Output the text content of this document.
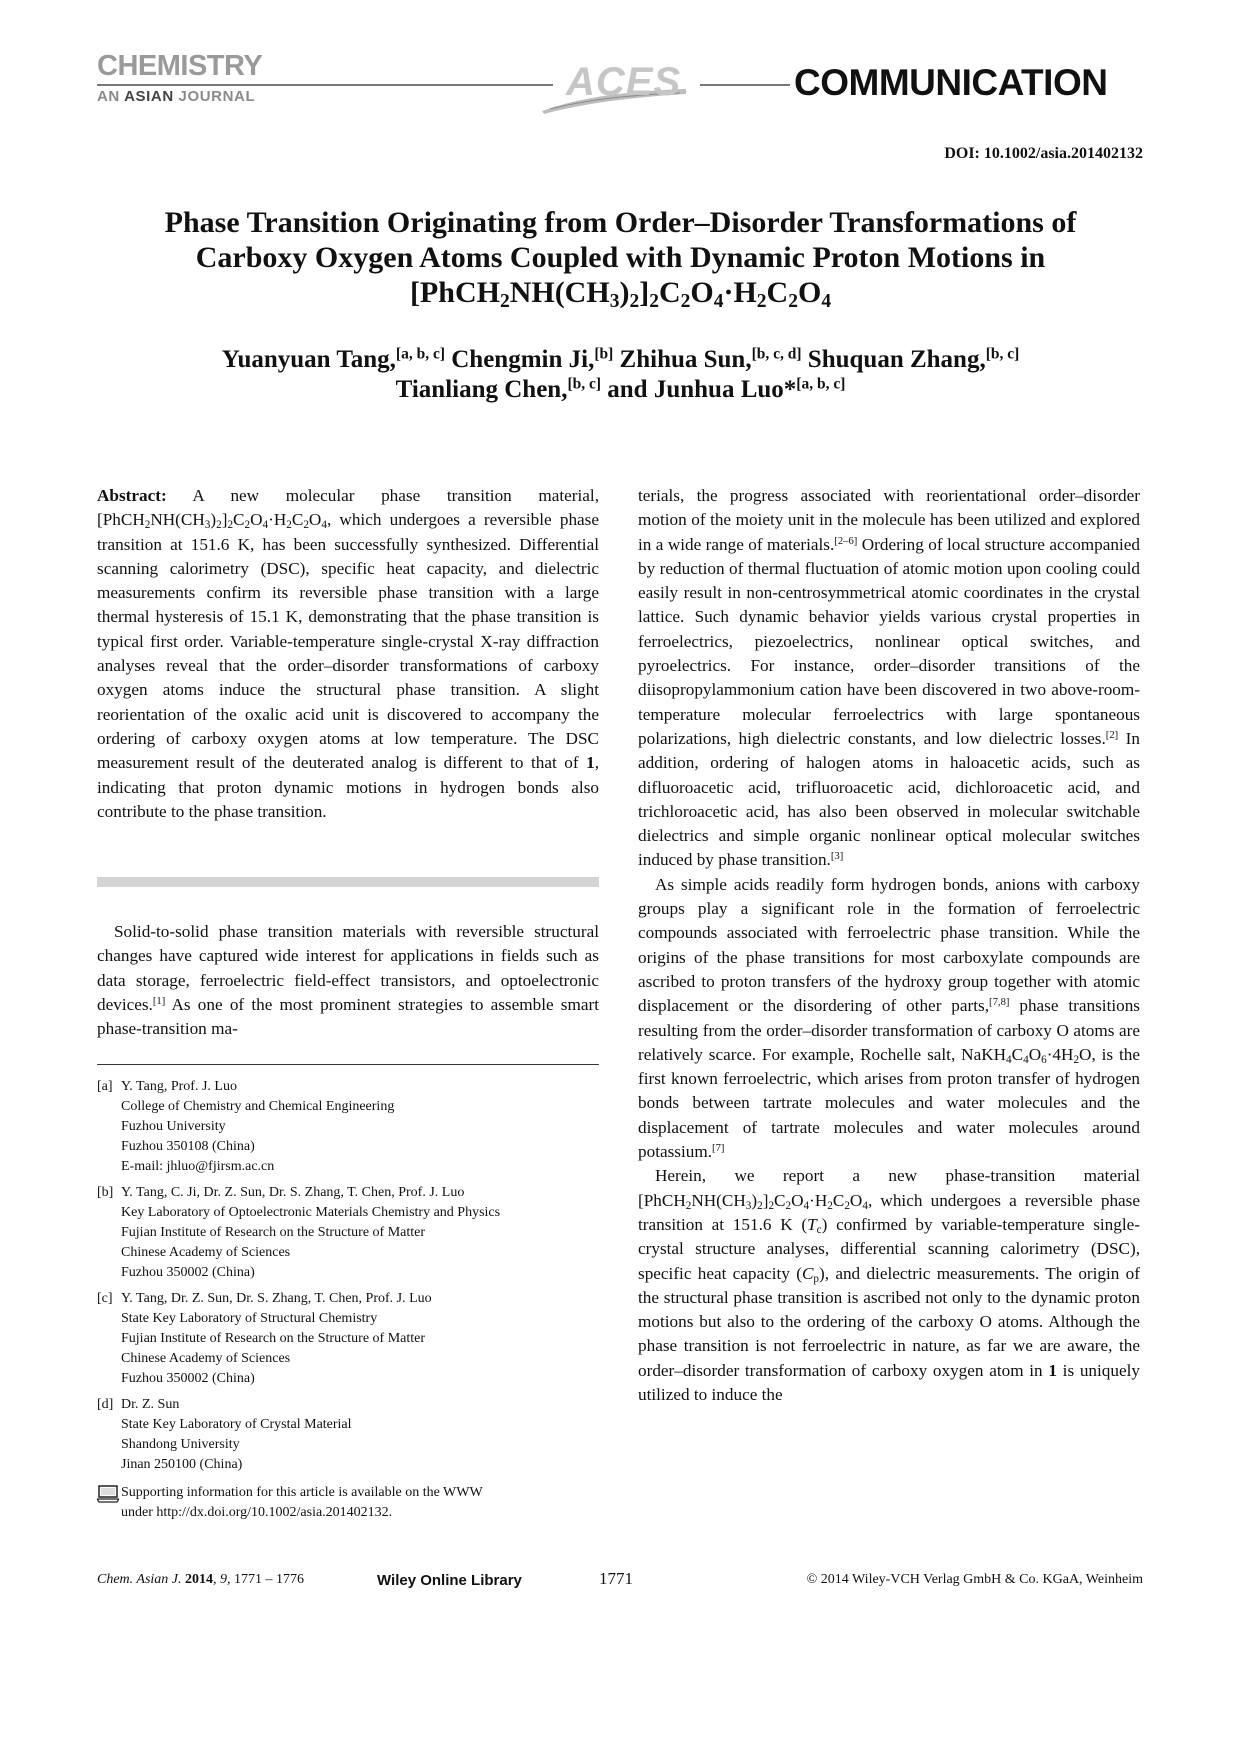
CHEMISTRY
AN ASIAN JOURNAL	ACES	COMMUNICATION
DOI: 10.1002/asia.201402132
Phase Transition Originating from Order–Disorder Transformations of
Carboxy Oxygen Atoms Coupled with Dynamic Proton Motions in
$[PhCH_2NH(CH_3)_2]_2C_2O_4\cdot H_2C_2O_4$
Yuanyuan Tang,[a, b, c] Chengmin Ji,[b] Zhihua Sun,[b, c, d] Shuquan Zhang,[b, c]
Tianliang Chen,[b, c] and Junhua Luo*[a, b, c]

Abstract: A new molecular phase transition material, $[PhCH_2NH(CH_3)_2]_2C_2O_4\cdot H_2C_2O_4$, which undergoes a reversible phase transition at 151.6 K, has been successfully synthesized. Differential scanning calorimetry (DSC), specific heat capacity, and dielectric measurements confirm its reversible phase transition with a large thermal hysteresis of 15.1 K, demonstrating that the phase transition is typical first order. Variable-temperature single-crystal X-ray diffraction analyses reveal that the order–disorder transformations of carboxy oxygen atoms induce the structural phase transition. A slight reorientation of the oxalic acid unit is discovered to accompany the ordering of carboxy oxygen atoms at low temperature. The DSC measurement result of the deuterated analog is different to that of 1, indicating that proton dynamic motions in hydrogen bonds also contribute to the phase transition.

Solid-to-solid phase transition materials with reversible structural changes have captured wide interest for applications in fields such as data storage, ferroelectric field-effect transistors, and optoelectronic devices.[1] As one of the most prominent strategies to assemble smart phase-transition ma-

[a] Y. Tang, Prof. J. Luo
College of Chemistry and Chemical Engineering
Fuzhou University
Fuzhou 350108 (China)
E-mail: jhluo@fjirsm.ac.cn
[b] Y. Tang, C. Ji, Dr. Z. Sun, Dr. S. Zhang, T. Chen, Prof. J. Luo
Key Laboratory of Optoelectronic Materials Chemistry and Physics
Fujian Institute of Research on the Structure of Matter
Chinese Academy of Sciences
Fuzhou 350002 (China)
[c] Y. Tang, Dr. Z. Sun, Dr. S. Zhang, T. Chen, Prof. J. Luo
State Key Laboratory of Structural Chemistry
Fujian Institute of Research on the Structure of Matter
Chinese Academy of Sciences
Fuzhou 350002 (China)
[d] Dr. Z. Sun
State Key Laboratory of Crystal Material
Shandong University
Jinan 250100 (China)
Supporting information for this article is available on the WWW
under http://dx.doi.org/10.1002/asia.201402132.

terials, the progress associated with reorientational order–disorder motion of the moiety unit in the molecule has been utilized and explored in a wide range of materials.[2–6] Ordering of local structure accompanied by reduction of thermal fluctuation of atomic motion upon cooling could easily result in non-centrosymmetrical atomic coordinates in the crystal lattice. Such dynamic behavior yields various crystal properties in ferroelectrics, piezoelectrics, nonlinear optical switches, and pyroelectrics. For instance, order–disorder transitions of the diisopropylammonium cation have been discovered in two above-room-temperature molecular ferroelectrics with large spontaneous polarizations, high dielectric constants, and low dielectric losses.[2] In addition, ordering of halogen atoms in haloacetic acids, such as difluoroacetic acid, trifluoroacetic acid, dichloroacetic acid, and trichloroacetic acid, has also been observed in molecular switchable dielectrics and simple organic nonlinear optical molecular switches induced by phase transition.[3]

As simple acids readily form hydrogen bonds, anions with carboxy groups play a significant role in the formation of ferroelectric compounds associated with ferroelectric phase transition. While the origins of the phase transitions for most carboxylate compounds are ascribed to proton transfers of the hydroxy group together with atomic displacement or the disordering of other parts,[7,8] phase transitions resulting from the order–disorder transformation of carboxy O atoms are relatively scarce. For example, Rochelle salt, $NaKH_4C_4O_6\cdot 4H_2O$, is the first known ferroelectric, which arises from proton transfer of hydrogen bonds between tartrate molecules and water molecules and the displacement of tartrate molecules and water molecules around potassium.[7]

Herein, we report a new phase-transition material $[PhCH_2NH(CH_3)_2]_2C_2O_4\cdot H_2C_2O_4$, which undergoes a reversible phase transition at 151.6 K $(T_c)$ confirmed by variable-temperature single-crystal structure analyses, differential scanning calorimetry (DSC), specific heat capacity $(C_p)$, and dielectric measurements. The origin of the structural phase transition is ascribed not only to the dynamic proton motions but also to the ordering of the carboxy O atoms. Although the phase transition is not ferroelectric in nature, as far we are aware, the order–disorder transformation of carboxy oxygen atom in 1 is uniquely utilized to induce the

Chem. Asian J. 2014, 9, 1771 – 1776	Wiley Online Library	1771	© 2014 Wiley-VCH Verlag GmbH & Co. KGaA, Weinheim
